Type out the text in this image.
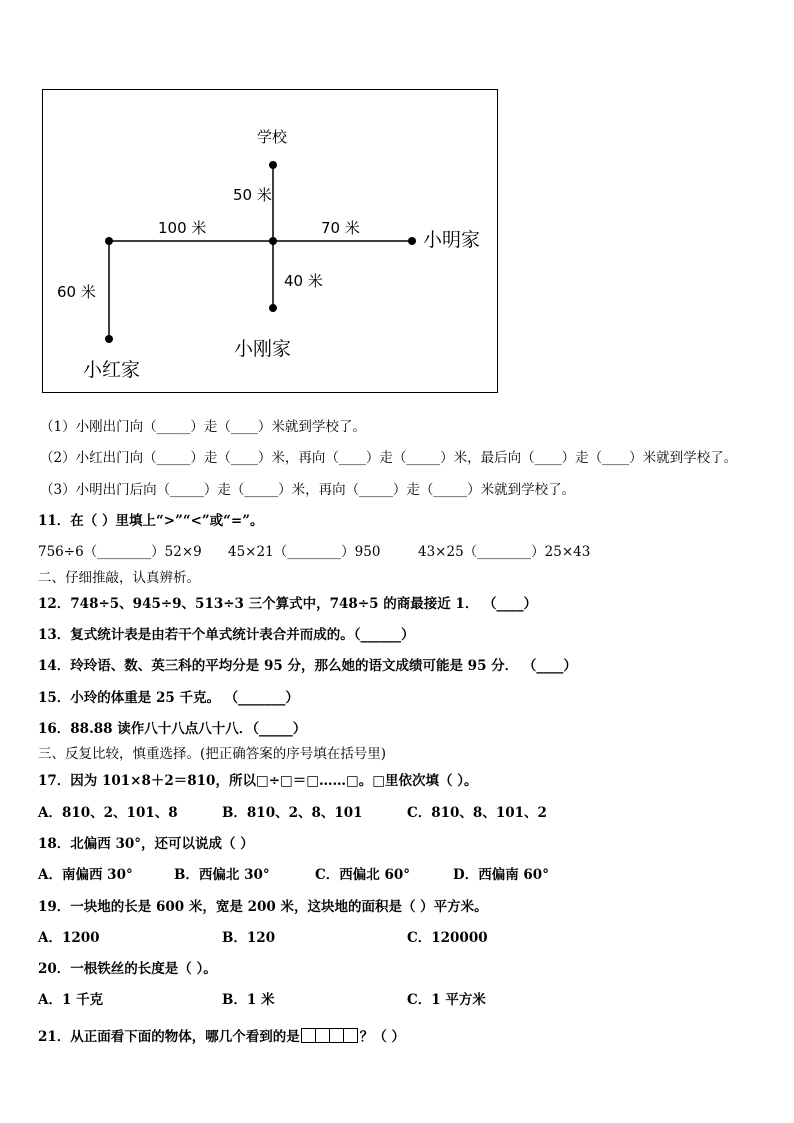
学校
50 米
100 米	70 米
小明家
40 米
60 米
小刚家
小红家
（1）小刚出门向（_____）走（____）米就到学校了。
（2）小红出门向（_____）走（____）米，再向（____）走（_____）米，最后向（____）走（____）米就到学校了。
（3）小明出门后向（_____）走（_____）米，再向（_____）走（_____）米就到学校了。
11．在（ ）里填上“>”“<”或“=”。
756÷6（________）52×9 45×21（________）950	43×25（________）25×43
二、仔细推敲，认真辨析。
12．748÷5、945÷9、513÷3 三个算式中，748÷5 的商最接近 1． （____）
13．复式统计表是由若干个单式统计表合并而成的。（______）
14．玲玲语、数、英三科的平均分是 95 分，那么她的语文成绩可能是 95 分． （____）
15．小玲的体重是 25 千克。 （_______）
16．88.88 读作八十八点八十八．（_____）
三、反复比较，慎重选择。(把正确答案的序号填在括号里)
17．因为 101×8＋2＝810，所以□÷□＝□……□。□里依次填（ ）。
A．810、2、101、8	B．810、2、8、101	C．810、8、101、2
18．北偏西 30°，还可以说成（ ）
A．南偏西 30°	B．西偏北 30°	C．西偏北 60°	D．西偏南 60°
19．一块地的长是 600 米，宽是 200 米，这块地的面积是（ ）平方米。
A．1200	B．120	C．120000
20．一根铁丝的长度是（ ）。
A．1 千克	B．1 米	C．1 平方米
21．从正面看下面的物体，哪几个看到的是	？（ ）
